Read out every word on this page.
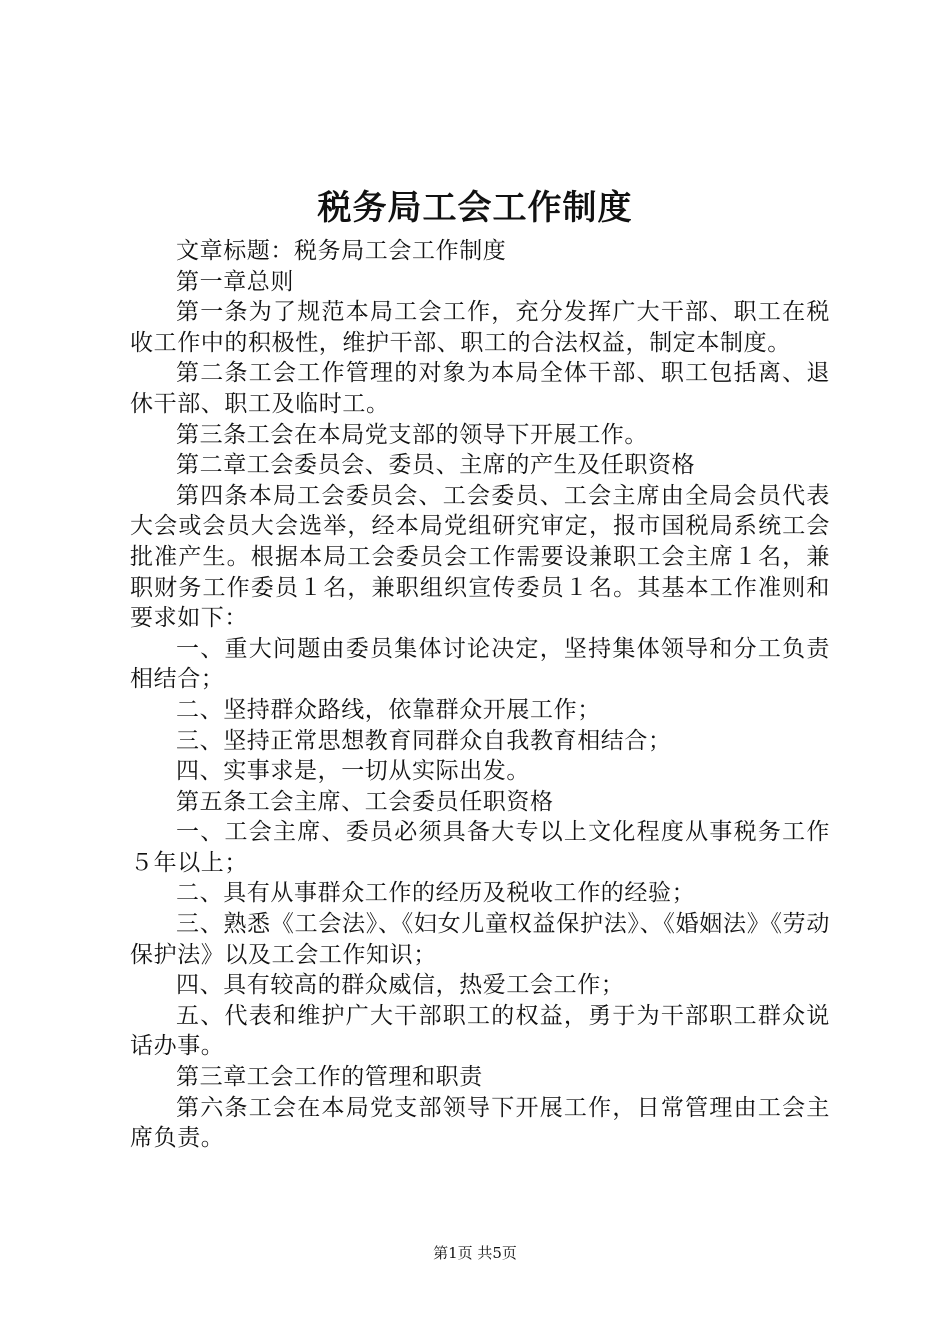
税务局工会工作制度

文章标题：税务局工会工作制度

第一章总则

第一条为了规范本局工会工作，充分发挥广大干部、职工在税收工作中的积极性，维护干部、职工的合法权益，制定本制度。

第二条工会工作管理的对象为本局全体干部、职工包括离、退休干部、职工及临时工。

第三条工会在本局党支部的领导下开展工作。

第二章工会委员会、委员、主席的产生及任职资格

第四条本局工会委员会、工会委员、工会主席由全局会员代表大会或会员大会选举，经本局党组研究审定，报市国税局系统工会批准产生。根据本局工会委员会工作需要设兼职工会主席１名，兼职财务工作委员１名，兼职组织宣传委员１名。其基本工作准则和要求如下：

一、重大问题由委员集体讨论决定，坚持集体领导和分工负责相结合；

二、坚持群众路线，依靠群众开展工作；

三、坚持正常思想教育同群众自我教育相结合；

四、实事求是，一切从实际出发。

第五条工会主席、工会委员任职资格

一、工会主席、委员必须具备大专以上文化程度从事税务工作５年以上；

二、具有从事群众工作的经历及税收工作的经验；

三、熟悉《工会法》、《妇女儿童权益保护法》、《婚姻法》《劳动保护法》以及工会工作知识；

四、具有较高的群众威信，热爱工会工作；

五、代表和维护广大干部职工的权益，勇于为干部职工群众说话办事。

第三章工会工作的管理和职责

第六条工会在本局党支部领导下开展工作，日常管理由工会主席负责。

第1页 共5页
